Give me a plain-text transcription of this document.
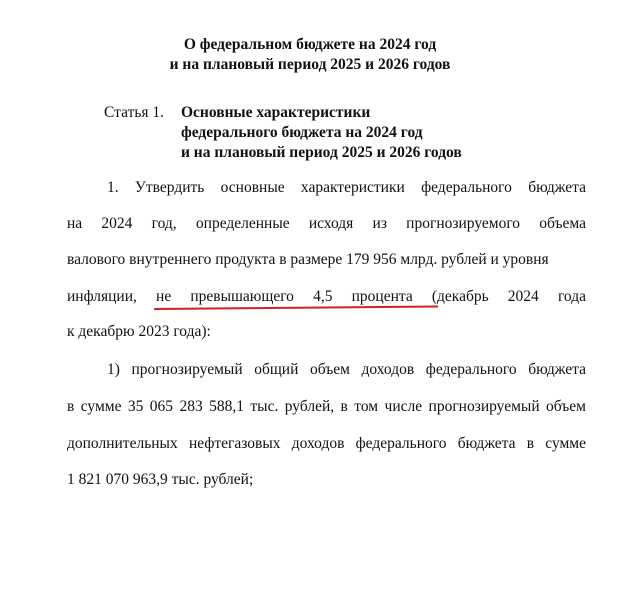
О федеральном бюджете на 2024 год
и на плановый период 2025 и 2026 годов
Статья 1. Основные характеристики
федерального бюджета на 2024 год
и на плановый период 2025 и 2026 годов
1. Утвердить основные характеристики федерального бюджета
на 2024 год, определенные исходя из прогнозируемого объема
валового внутреннего продукта в размере 179 956 млрд. рублей и уровня
инфляции, не превышающего 4,5 процента (декабрь 2024 года
к декабрю 2023 года):
1) прогнозируемый общий объем доходов федерального бюджета
в сумме 35 065 283 588,1 тыс. рублей, в том числе прогнозируемый объем
дополнительных нефтегазовых доходов федерального бюджета в сумме
1 821 070 963,9 тыс. рублей;
